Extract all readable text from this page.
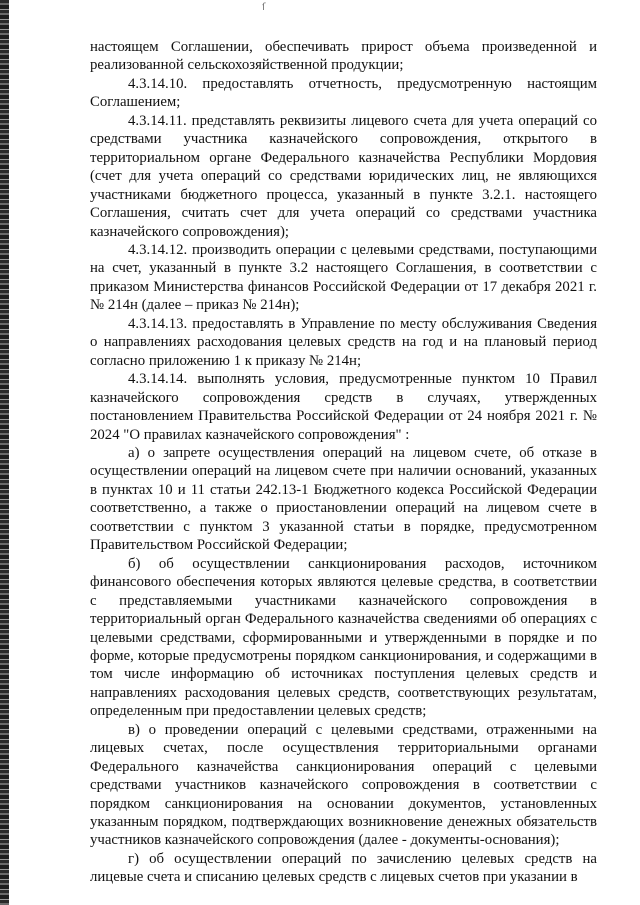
ſ

настоящем Соглашении, обеспечивать прирост объема произведенной и реализованной сельскохозяйственной продукции;

4.3.14.10. предоставлять отчетность, предусмотренную настоящим Соглашением;

4.3.14.11. представлять реквизиты лицевого счета для учета операций со средствами участника казначейского сопровождения, открытого в территориальном органе Федерального казначейства Республики Мордовия (счет для учета операций со средствами юридических лиц, не являющихся участниками бюджетного процесса, указанный в пункте 3.2.1. настоящего Соглашения, считать счет для учета операций со средствами участника казначейского сопровождения);

4.3.14.12. производить операции с целевыми средствами, поступающими на счет, указанный в пункте 3.2 настоящего Соглашения, в соответствии с приказом Министерства финансов Российской Федерации от 17 декабря 2021 г. № 214н (далее – приказ № 214н);

4.3.14.13. предоставлять в Управление по месту обслуживания Сведения о направлениях расходования целевых средств на год и на плановый период согласно приложению 1 к приказу № 214н;

4.3.14.14. выполнять условия, предусмотренные пунктом 10 Правил казначейского сопровождения средств в случаях, утвержденных постановлением Правительства Российской Федерации от 24 ноября 2021 г. № 2024 "О правилах казначейского сопровождения" :

а) о запрете осуществления операций на лицевом счете, об отказе в осуществлении операций на лицевом счете при наличии оснований, указанных в пунктах 10 и 11 статьи 242.13-1 Бюджетного кодекса Российской Федерации соответственно, а также о приостановлении операций на лицевом счете в соответствии с пунктом 3 указанной статьи в порядке, предусмотренном Правительством Российской Федерации;

б) об осуществлении санкционирования расходов, источником финансового обеспечения которых являются целевые средства, в соответствии с представляемыми участниками казначейского сопровождения в территориальный орган Федерального казначейства сведениями об операциях с целевыми средствами, сформированными и утвержденными в порядке и по форме, которые предусмотрены порядком санкционирования, и содержащими в том числе информацию об источниках поступления целевых средств и направлениях расходования целевых средств, соответствующих результатам, определенным при предоставлении целевых средств;

в) о проведении операций с целевыми средствами, отраженными на лицевых счетах, после осуществления территориальными органами Федерального казначейства санкционирования операций с целевыми средствами участников казначейского сопровождения в соответствии с порядком санкционирования на основании документов, установленных указанным порядком, подтверждающих возникновение денежных обязательств участников казначейского сопровождения (далее - документы-основания);

г) об осуществлении операций по зачислению целевых средств на лицевые счета и списанию целевых средств с лицевых счетов при указании в
